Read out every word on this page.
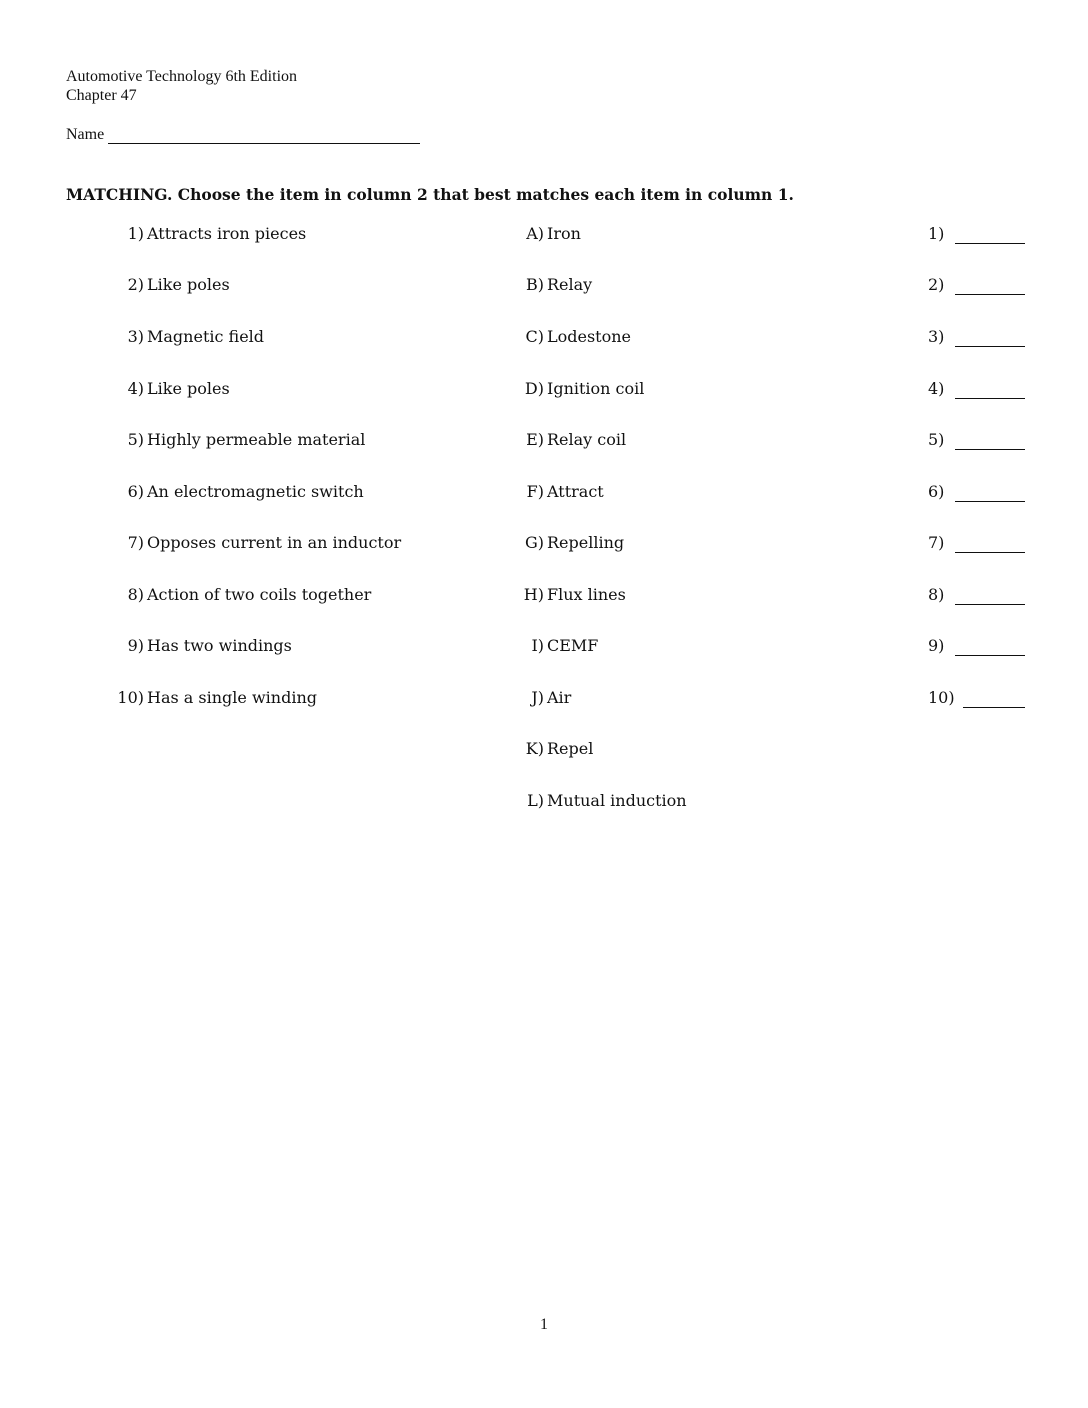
Automotive Technology 6th Edition
Chapter 47
Name
MATCHING. Choose the item in column 2 that best matches each item in column 1.
1) Attracts iron pieces
2) Like poles
3) Magnetic field
4) Like poles
5) Highly permeable material
6) An electromagnetic switch
7) Opposes current in an inductor
8) Action of two coils together
9) Has two windings
10) Has a single winding
A) Iron
B) Relay
C) Lodestone
D) Ignition coil
E) Relay coil
F) Attract
G) Repelling
H) Flux lines
I) CEMF
J) Air
K) Repel
L) Mutual induction
1)
2)
3)
4)
5)
6)
7)
8)
9)
10)
1
